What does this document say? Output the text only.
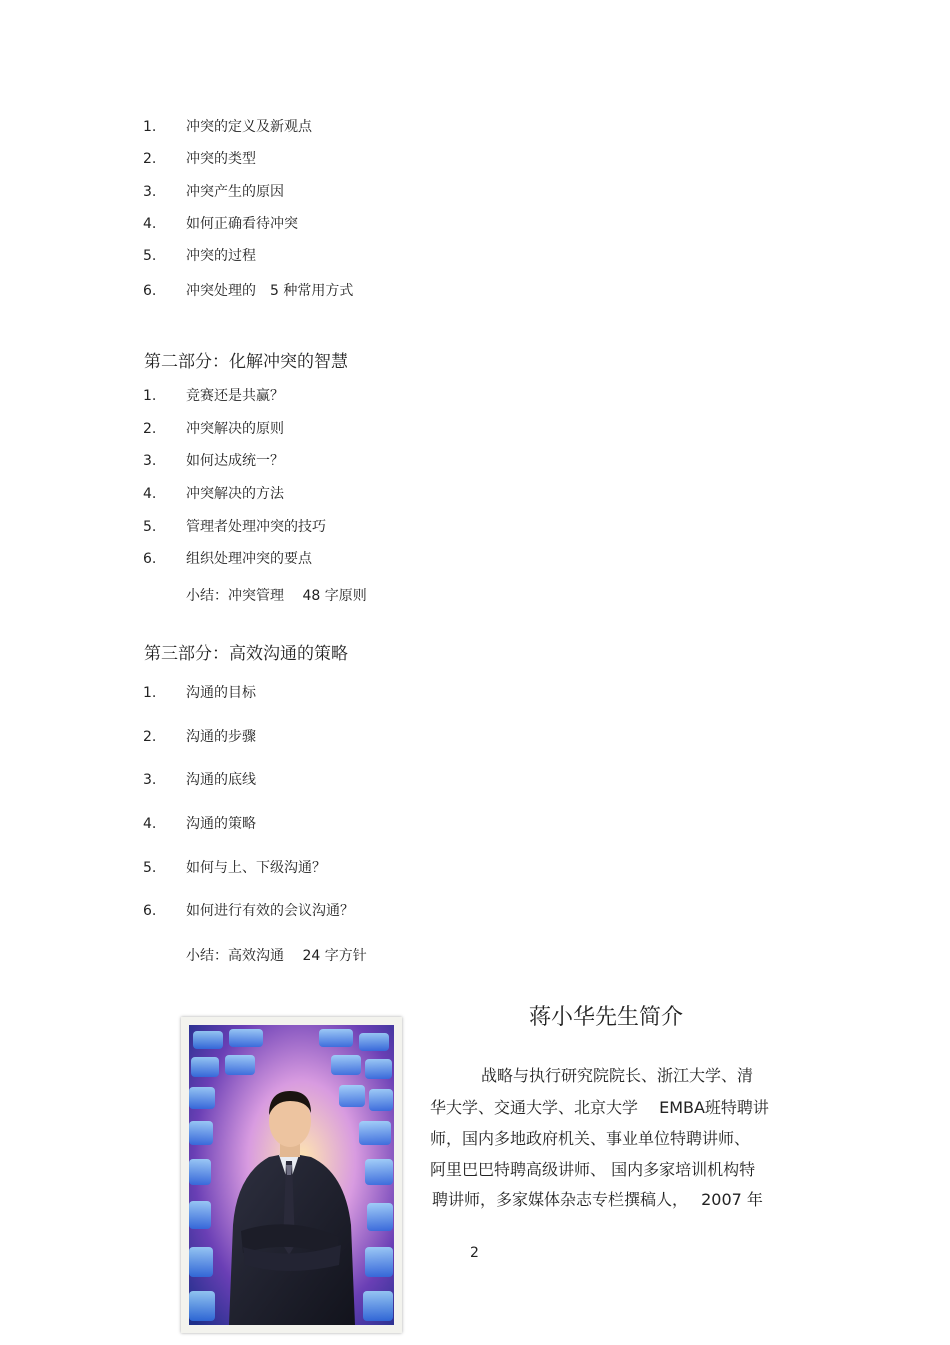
1. 冲突的定义及新观点
2. 冲突的类型
3. 冲突产生的原因
4. 如何正确看待冲突
5. 冲突的过程
6. 冲突处理的　5 种常用方式
第二部分：化解冲突的智慧
1. 竞赛还是共赢？
2. 冲突解决的原则
3. 如何达成统一？
4. 冲突解决的方法
5. 管理者处理冲突的技巧
6. 组织处理冲突的要点
小结：冲突管理　 48 字原则
第三部分：高效沟通的策略
1. 沟通的目标
2. 沟通的步骤
3. 沟通的底线
4. 沟通的策略
5. 如何与上、下级沟通？
6. 如何进行有效的会议沟通？
小结：高效沟通　 24 字方针
蒋小华先生简介
战略与执行研究院院长、浙江大学、清
华大学、交通大学、北京大学　 EMBA班特聘讲
师，国内多地政府机关、事业单位特聘讲师、
阿里巴巴特聘高级讲师、 国内多家培训机构特
聘讲师，多家媒体杂志专栏撰稿人，　 2007 年
2
